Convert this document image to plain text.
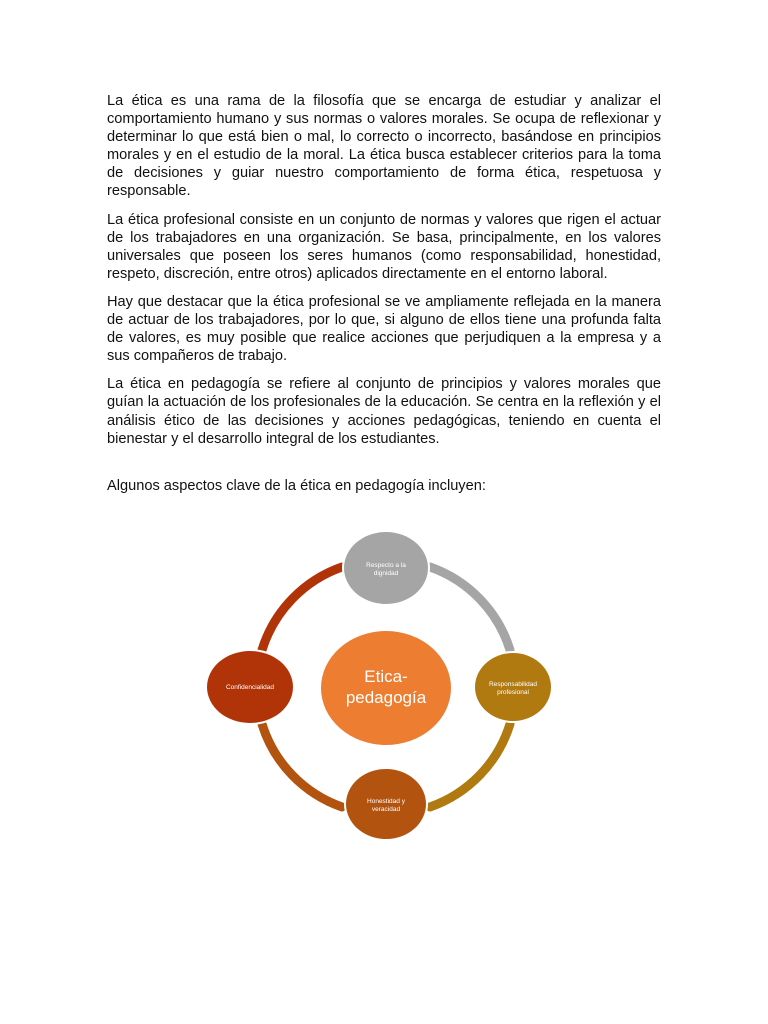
La ética es una rama de la filosofía que se encarga de estudiar y analizar el comportamiento humano y sus normas o valores morales. Se ocupa de reflexionar y determinar lo que está bien o mal, lo correcto o incorrecto, basándose en principios morales y en el estudio de la moral. La ética busca establecer criterios para la toma de decisiones y guiar nuestro comportamiento de forma ética, respetuosa y responsable.

La ética profesional consiste en un conjunto de normas y valores que rigen el actuar de los trabajadores en una organización. Se basa, principalmente, en los valores universales que poseen los seres humanos (como responsabilidad, honestidad, respeto, discreción, entre otros) aplicados directamente en el entorno laboral.

Hay que destacar que la ética profesional se ve ampliamente reflejada en la manera de actuar de los trabajadores, por lo que, si alguno de ellos tiene una profunda falta de valores, es muy posible que realice acciones que perjudiquen a la empresa y a sus compañeros de trabajo.

La ética en pedagogía se refiere al conjunto de principios y valores morales que guían la actuación de los profesionales de la educación. Se centra en la reflexión y el análisis ético de las decisiones y acciones pedagógicas, teniendo en cuenta el bienestar y el desarrollo integral de los estudiantes.

Algunos aspectos clave de la ética en pedagogía incluyen:

Etica-
pedagogía
Respecto a la
dignidad
Responsabilidad
profesional
Honestidad y
veracidad
Confidencialidad
